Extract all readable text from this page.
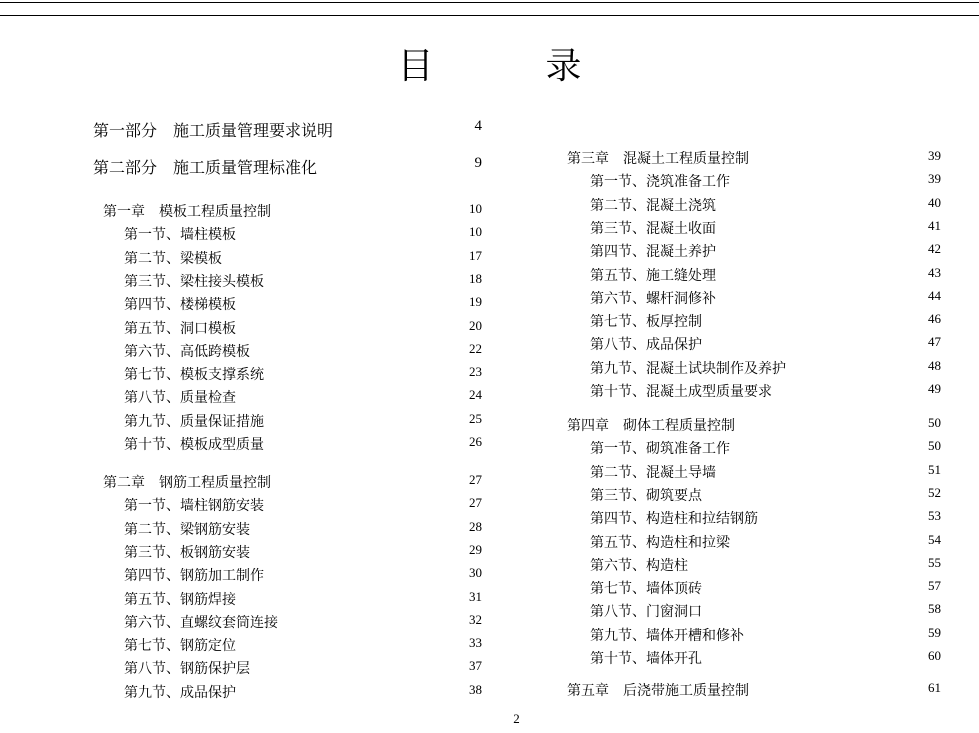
目　录
第一部分　施工质量管理要求说明	4
第二部分　施工质量管理标准化	9
第一章　模板工程质量控制	10
第一节、墙柱模板	10
第二节、梁模板	17
第三节、梁柱接头模板	18
第四节、楼梯模板	19
第五节、洞口模板	20
第六节、高低跨模板	22
第七节、模板支撑系统	23
第八节、质量检查	24
第九节、质量保证措施	25
第十节、模板成型质量	26
第二章　钢筋工程质量控制	27
第一节、墙柱钢筋安装	27
第二节、梁钢筋安装	28
第三节、板钢筋安装	29
第四节、钢筋加工制作	30
第五节、钢筋焊接	31
第六节、直螺纹套筒连接	32
第七节、钢筋定位	33
第八节、钢筋保护层	37
第九节、成品保护	38
第三章　混凝土工程质量控制	39
第一节、浇筑准备工作	39
第二节、混凝土浇筑	40
第三节、混凝土收面	41
第四节、混凝土养护	42
第五节、施工缝处理	43
第六节、螺杆洞修补	44
第七节、板厚控制	46
第八节、成品保护	47
第九节、混凝土试块制作及养护	48
第十节、混凝土成型质量要求	49
第四章　砌体工程质量控制	50
第一节、砌筑准备工作	50
第二节、混凝土导墙	51
第三节、砌筑要点	52
第四节、构造柱和拉结钢筋	53
第五节、构造柱和拉梁	54
第六节、构造柱	55
第七节、墙体顶砖	57
第八节、门窗洞口	58
第九节、墙体开槽和修补	59
第十节、墙体开孔	60
第五章　后浇带施工质量控制	61
2
